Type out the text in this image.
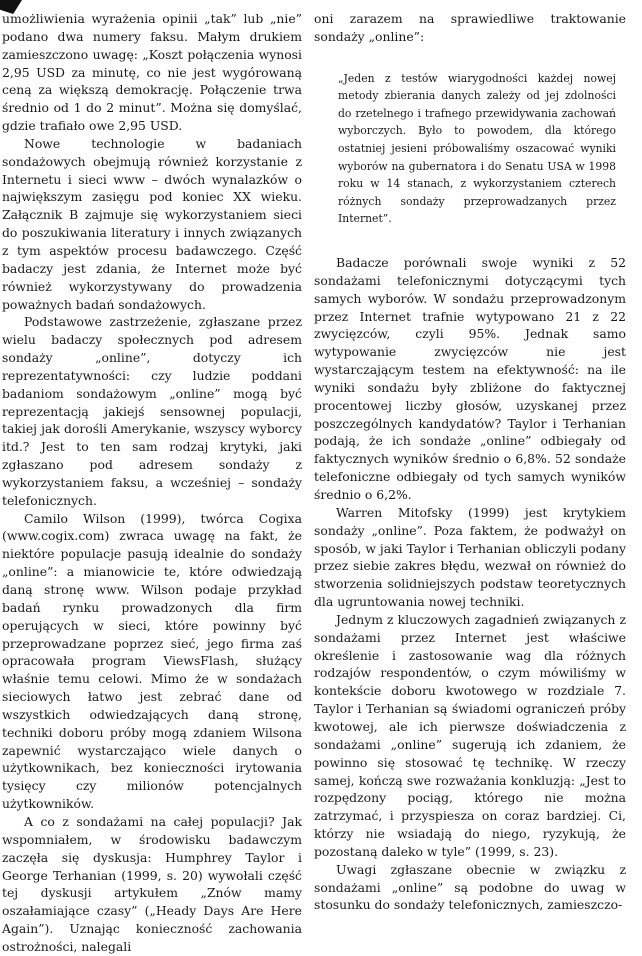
umożliwienia wyrażenia opinii „tak” lub „nie” podano dwa numery faksu. Małym drukiem zamieszczono uwagę: „Koszt połączenia wynosi 2,95 USD za minutę, co nie jest wygórowaną ceną za większą demokrację. Połączenie trwa średnio od 1 do 2 minut”. Można się domyślać, gdzie trafiało owe 2,95 USD.

Nowe technologie w badaniach sondażowych obejmują również korzystanie z Internetu i sieci www – dwóch wynalazków o największym zasięgu pod koniec XX wieku. Załącznik B zajmuje się wykorzystaniem sieci do poszukiwania literatury i innych związanych z tym aspektów procesu badawczego. Część badaczy jest zdania, że Internet może być również wykorzystywany do prowadzenia poważnych badań sondażowych.

Podstawowe zastrzeżenie, zgłaszane przez wielu badaczy społecznych pod adresem sondaży „online”, dotyczy ich reprezentatywności: czy ludzie poddani badaniom sondażowym „online” mogą być reprezentacją jakiejś sensownej populacji, takiej jak dorośli Amerykanie, wszyscy wyborcy itd.? Jest to ten sam rodzaj krytyki, jaki zgłaszano pod adresem sondaży z wykorzystaniem faksu, a wcześniej – sondaży telefonicznych.

Camilo Wilson (1999), twórca Cogixa (www.cogix.com) zwraca uwagę na fakt, że niektóre populacje pasują idealnie do sondaży „online”: a mianowicie te, które odwiedzają daną stronę www. Wilson podaje przykład badań rynku prowadzonych dla firm operujących w sieci, które powinny być przeprowadzane poprzez sieć, jego firma zaś opracowała program ViewsFlash, służący właśnie temu celowi. Mimo że w sondażach sieciowych łatwo jest zebrać dane od wszystkich odwiedzających daną stronę, techniki doboru próby mogą zdaniem Wilsona zapewnić wystarczająco wiele danych o użytkownikach, bez konieczności irytowania tysięcy czy milionów potencjalnych użytkowników.

A co z sondażami na całej populacji? Jak wspomniałem, w środowisku badawczym zaczęła się dyskusja: Humphrey Taylor i George Terhanian (1999, s. 20) wywołali część tej dyskusji artykułem „Znów mamy oszałamiające czasy” („Heady Days Are Here Again”). Uznając konieczność zachowania ostrożności, nalegali

oni zarazem na sprawiedliwe traktowanie sondaży „online”:

„Jeden z testów wiarygodności każdej nowej metody zbierania danych zależy od jej zdolności do rzetelnego i trafnego przewidywania zachowań wyborczych. Było to powodem, dla którego ostatniej jesieni próbowaliśmy oszacować wyniki wyborów na gubernatora i do Senatu USA w 1998 roku w 14 stanach, z wykorzystaniem czterech różnych sondaży przeprowadzanych przez Internet”.

Badacze porównali swoje wyniki z 52 sondażami telefonicznymi dotyczącymi tych samych wyborów. W sondażu przeprowadzonym przez Internet trafnie wytypowano 21 z 22 zwycięzców, czyli 95%. Jednak samo wytypowanie zwycięzców nie jest wystarczającym testem na efektywność: na ile wyniki sondażu były zbliżone do faktycznej procentowej liczby głosów, uzyskanej przez poszczególnych kandydatów? Taylor i Terhanian podają, że ich sondaże „online” odbiegały od faktycznych wyników średnio o 6,8%. 52 sondaże telefoniczne odbiegały od tych samych wyników średnio o 6,2%.

Warren Mitofsky (1999) jest krytykiem sondaży „online”. Poza faktem, że podważył on sposób, w jaki Taylor i Terhanian obliczyli podany przez siebie zakres błędu, wezwał on również do stworzenia solidniejszych podstaw teoretycznych dla ugruntowania nowej techniki.

Jednym z kluczowych zagadnień związanych z sondażami przez Internet jest właściwe określenie i zastosowanie wag dla różnych rodzajów respondentów, o czym mówiliśmy w kontekście doboru kwotowego w rozdziale 7. Taylor i Terhanian są świadomi ograniczeń próby kwotowej, ale ich pierwsze doświadczenia z sondażami „online” sugerują ich zdaniem, że powinno się stosować tę technikę. W rzeczy samej, kończą swe rozważania konkluzją: „Jest to rozpędzony pociąg, którego nie można zatrzymać, i przyspiesza on coraz bardziej. Ci, którzy nie wsiadają do niego, ryzykują, że pozostaną daleko w tyle” (1999, s. 23).

Uwagi zgłaszane obecnie w związku z sondażami „online” są podobne do uwag w stosunku do sondaży telefonicznych, zamieszczo-
